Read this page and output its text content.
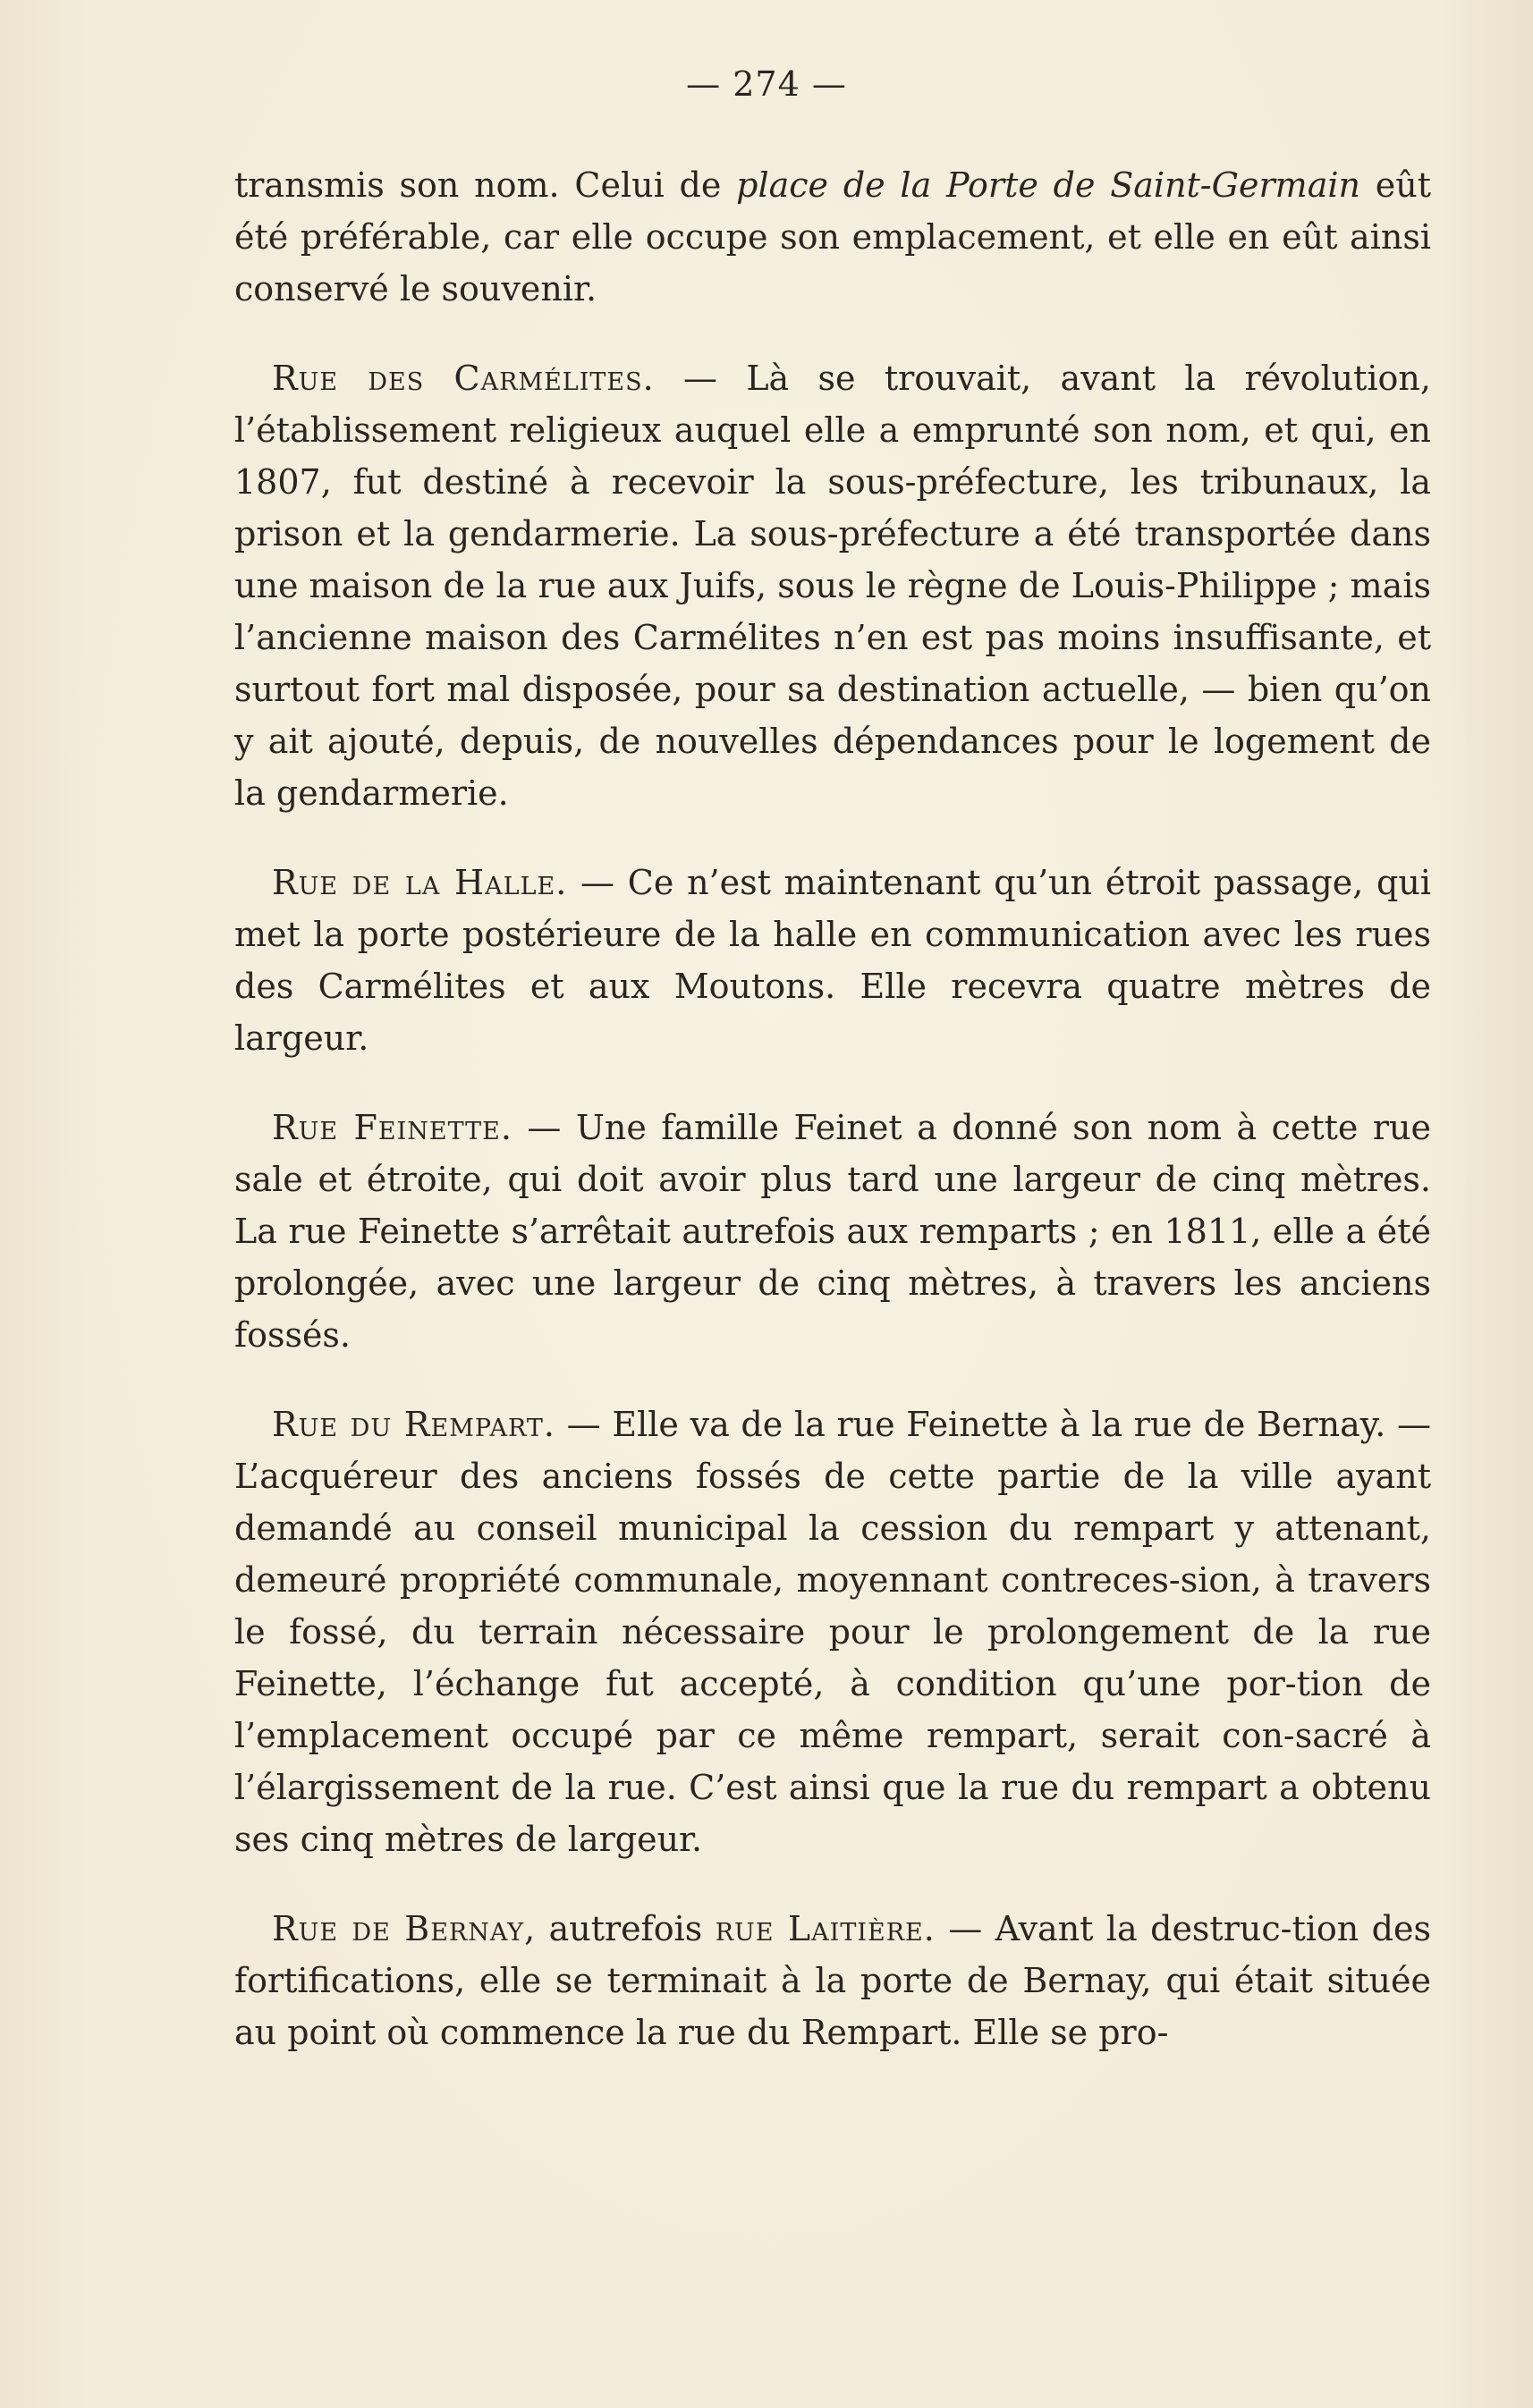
— 274 —

transmis son nom. Celui de place de la Porte de Saint-Germain eût été préférable, car elle occupe son emplacement, et elle en eût ainsi conservé le souvenir.

Rue des Carmélites. — Là se trouvait, avant la révolution, l’établissement religieux auquel elle a emprunté son nom, et qui, en 1807, fut destiné à recevoir la sous-préfecture, les tribunaux, la prison et la gendarmerie. La sous-préfecture a été transportée dans une maison de la rue aux Juifs, sous le règne de Louis-Philippe ; mais l’ancienne maison des Carmélites n’en est pas moins insuffisante, et surtout fort mal disposée, pour sa destination actuelle, — bien qu’on y ait ajouté, depuis, de nouvelles dépendances pour le logement de la gendarmerie.

Rue de la Halle. — Ce n’est maintenant qu’un étroit passage, qui met la porte postérieure de la halle en communication avec les rues des Carmélites et aux Moutons. Elle recevra quatre mètres de largeur.

Rue Feinette. — Une famille Feinet a donné son nom à cette rue sale et étroite, qui doit avoir plus tard une largeur de cinq mètres. La rue Feinette s’arrêtait autrefois aux remparts ; en 1811, elle a été prolongée, avec une largeur de cinq mètres, à travers les anciens fossés.

Rue du Rempart. — Elle va de la rue Feinette à la rue de Bernay. — L’acquéreur des anciens fossés de cette partie de la ville ayant demandé au conseil municipal la cession du rempart y attenant, demeuré propriété communale, moyennant contreces-sion, à travers le fossé, du terrain nécessaire pour le prolongement de la rue Feinette, l’échange fut accepté, à condition qu’une por-tion de l’emplacement occupé par ce même rempart, serait con-sacré à l’élargissement de la rue. C’est ainsi que la rue du rempart a obtenu ses cinq mètres de largeur.

Rue de Bernay, autrefois rue Laitière. — Avant la destruc-tion des fortifications, elle se terminait à la porte de Bernay, qui était située au point où commence la rue du Rempart. Elle se pro-
